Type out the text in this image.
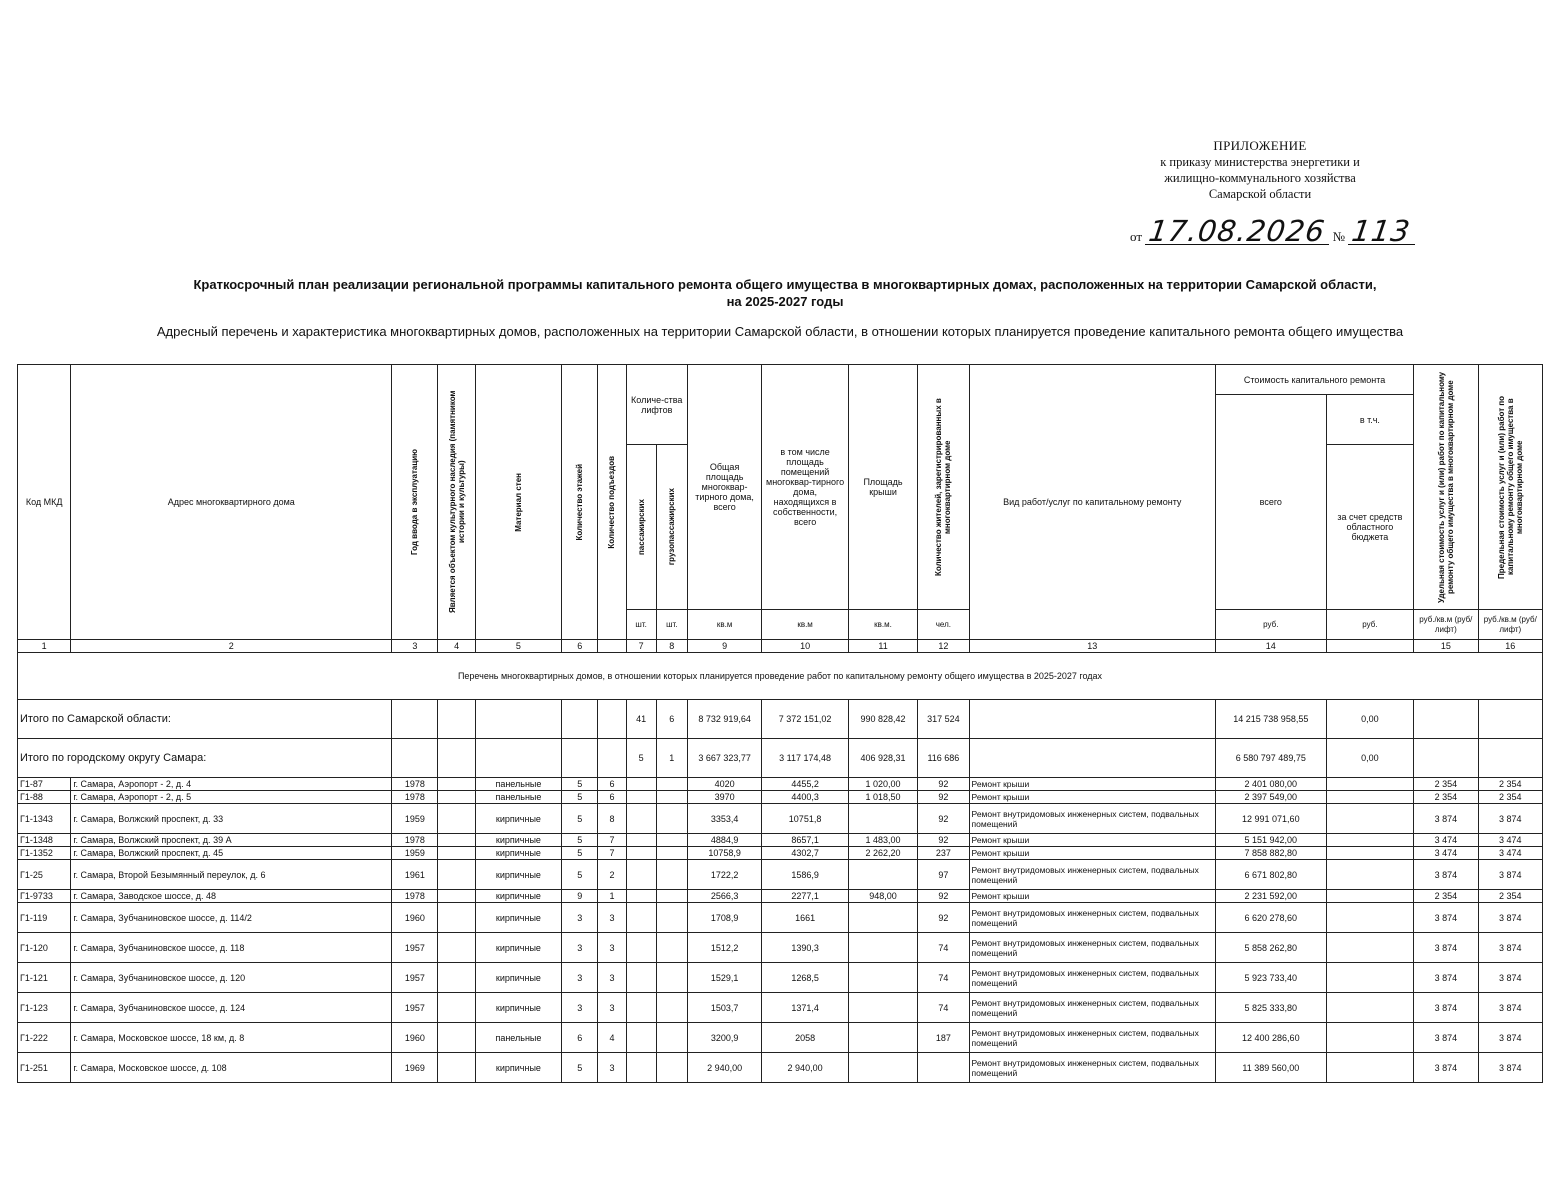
ПРИЛОЖЕНИЕ
к приказу министерства энергетики и
жилищно-коммунального хозяйства
Самарской области
от 17.08.2026 № 113
Краткосрочный план реализации региональной программы капитального ремонта общего имущества в многоквартирных домах, расположенных на территории Самарской области,
на 2025-2027 годы
Адресный перечень и характеристика многоквартирных домов, расположенных на территории Самарской области, в отношении которых планируется проведение капитального ремонта общего имущества
Код МКД	Адрес многоквартирного дома	Год ввода в эксплуатацию	Является объектом культурного наследия (памятником истории и культуры)	Материал стен	Количество этажей	Количество подъездов	Количе-ства лифтов		Общая площадь многоквар-тирного дома, всего	в том числе площадь помещений многоквар-тирного дома, находящихся в собственности, всего	Площадь крыши	Количество жителей, зарегистрированных в многоквартирном доме	Вид работ/услуг по капитальному ремонту	Стоимость капитального ремонта		Удельная стоимость услуг и (или) работ по капитальному ремонту общего имущества в многоквартирном доме	Предельная стоимость услуг и (или) работ по капитальному ремонту общего имущества в многоквартирном доме

														всего	в т.ч.		

							пассажирских	грузопассажирских							за счет средств областного бюджета		
							шт.	шт.	кв.м	кв.м	кв.м.	чел.		руб.	руб.	руб./кв.м (руб/лифт)	руб./кв.м (руб/лифт)
1	2	3	4	5	6		7	8	9	10	11	12	13	14		15	16
Перечень многоквартирных домов, в отношении которых планируется проведение работ по капитальному ремонту общего имущества в 2025-2027 годах																	
Итого по Самарской области:							41	6	8 732 919,64	7 372 151,02	990 828,42	317 524		14 215 738 958,55	0,00		
Итого по городскому округу Самара:							5	1	3 667 323,77	3 117 174,48	406 928,31	116 686		6 580 797 489,75	0,00		
Г1-87	г. Самара, Аэропорт - 2, д. 4	1978		панельные	5	6			4020	4455,2	1 020,00	92	Ремонт крыши	2 401 080,00		2 354	2 354
Г1-88	г. Самара, Аэропорт - 2, д. 5	1978		панельные	5	6			3970	4400,3	1 018,50	92	Ремонт крыши	2 397 549,00		2 354	2 354
Г1-1343	г. Самара, Волжский проспект, д. 33	1959		кирпичные	5	8			3353,4	10751,8		92	Ремонт внутридомовых инженерных систем, подвальных помещений	12 991 071,60		3 874	3 874
Г1-1348	г. Самара, Волжский проспект, д. 39 А	1978		кирпичные	5	7			4884,9	8657,1	1 483,00	92	Ремонт крыши	5 151 942,00		3 474	3 474
Г1-1352	г. Самара, Волжский проспект, д. 45	1959		кирпичные	5	7			10758,9	4302,7	2 262,20	237	Ремонт крыши	7 858 882,80		3 474	3 474
Г1-25	г. Самара, Второй Безымянный переулок, д. 6	1961		кирпичные	5	2			1722,2	1586,9		97	Ремонт внутридомовых инженерных систем, подвальных помещений	6 671 802,80		3 874	3 874
Г1-9733	г. Самара, Заводское шоссе, д. 48	1978		кирпичные	9	1			2566,3	2277,1	948,00	92	Ремонт крыши	2 231 592,00		2 354	2 354
Г1-119	г. Самара, Зубчаниновское шоссе, д. 114/2	1960		кирпичные	3	3			1708,9	1661		92	Ремонт внутридомовых инженерных систем, подвальных помещений	6 620 278,60		3 874	3 874
Г1-120	г. Самара, Зубчаниновское шоссе, д. 118	1957		кирпичные	3	3			1512,2	1390,3		74	Ремонт внутридомовых инженерных систем, подвальных помещений	5 858 262,80		3 874	3 874
Г1-121	г. Самара, Зубчаниновское шоссе, д. 120	1957		кирпичные	3	3			1529,1	1268,5		74	Ремонт внутридомовых инженерных систем, подвальных помещений	5 923 733,40		3 874	3 874
Г1-123	г. Самара, Зубчаниновское шоссе, д. 124	1957		кирпичные	3	3			1503,7	1371,4		74	Ремонт внутридомовых инженерных систем, подвальных помещений	5 825 333,80		3 874	3 874
Г1-222	г. Самара, Московское шоссе, 18 км, д. 8	1960		панельные	6	4			3200,9	2058		187	Ремонт внутридомовых инженерных систем, подвальных помещений	12 400 286,60		3 874	3 874
Г1-251	г. Самара, Московское шоссе, д. 108	1969		кирпичные	5	3			2 940,00	2 940,00			Ремонт внутридомовых инженерных систем, подвальных помещений	11 389 560,00		3 874	3 874
